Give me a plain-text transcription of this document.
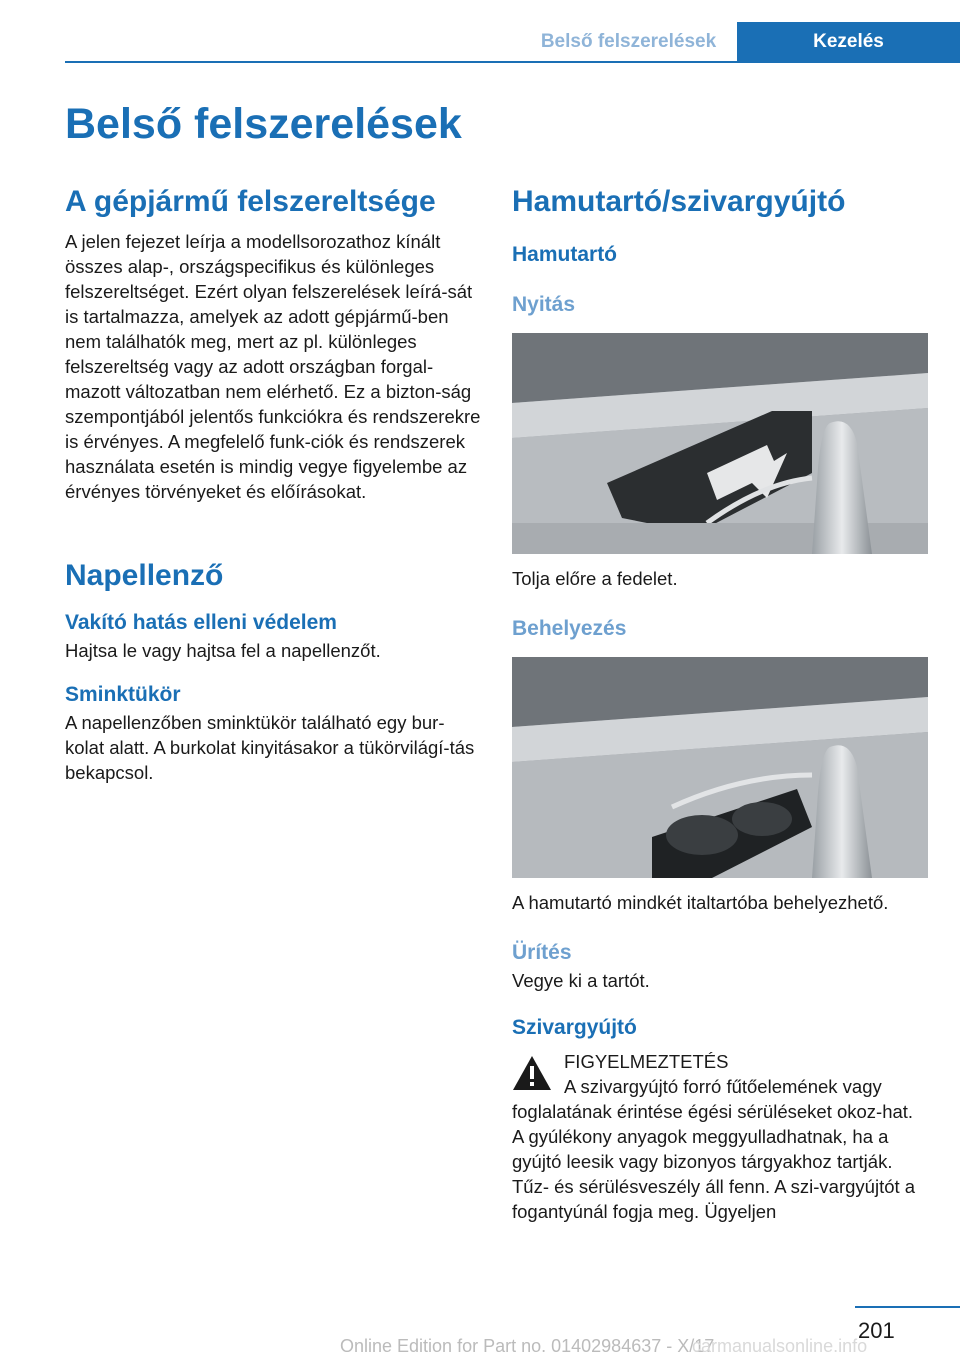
Belső felszerelések	Kezelés
Belső felszerelések
A gépjármű felszereltsége

A jelen fejezet leírja a modellsorozathoz kínált összes alap-, országspecifikus és különleges felszereltséget. Ezért olyan felszerelések leírá-sát is tartalmazza, amelyek az adott gépjármű-ben nem találhatók meg, mert az pl. különleges felszereltség vagy az adott országban forgal-mazott változatban nem elérhető. Ez a bizton-ság szempontjából jelentős funkciókra és rendszerekre is érvényes. A megfelelő funk-ciók és rendszerek használata esetén is mindig vegye figyelembe az érvényes törvényeket és előírásokat.

Napellenző
Vakító hatás elleni védelem

Hajtsa le vagy hajtsa fel a napellenzőt.

Sminktükör

A napellenzőben sminktükör található egy bur-kolat alatt. A burkolat kinyitásakor a tükörvilágí-tás bekapcsol.

Hamutartó/szivargyújtó
Hamutartó
Nyitás

Tolja előre a fedelet.

Behelyezés

A hamutartó mindkét italtartóba behelyezhető.

Ürítés

Vegye ki a tartót.

Szivargyújtó

FIGYELMEZTETÉS

A szivargyújtó forró fűtőelemének vagy

foglalatának érintése égési sérüléseket okoz-hat. A gyúlékony anyagok meggyulladhatnak, ha a gyújtó leesik vagy bizonyos tárgyakhoz tartják. Tűz- és sérülésveszély áll fenn. A szi-vargyújtót a fogantyúnál fogja meg. Ügyeljen

201
Online Edition for Part no. 01402984637 - X/17
carmanualsonline.info
